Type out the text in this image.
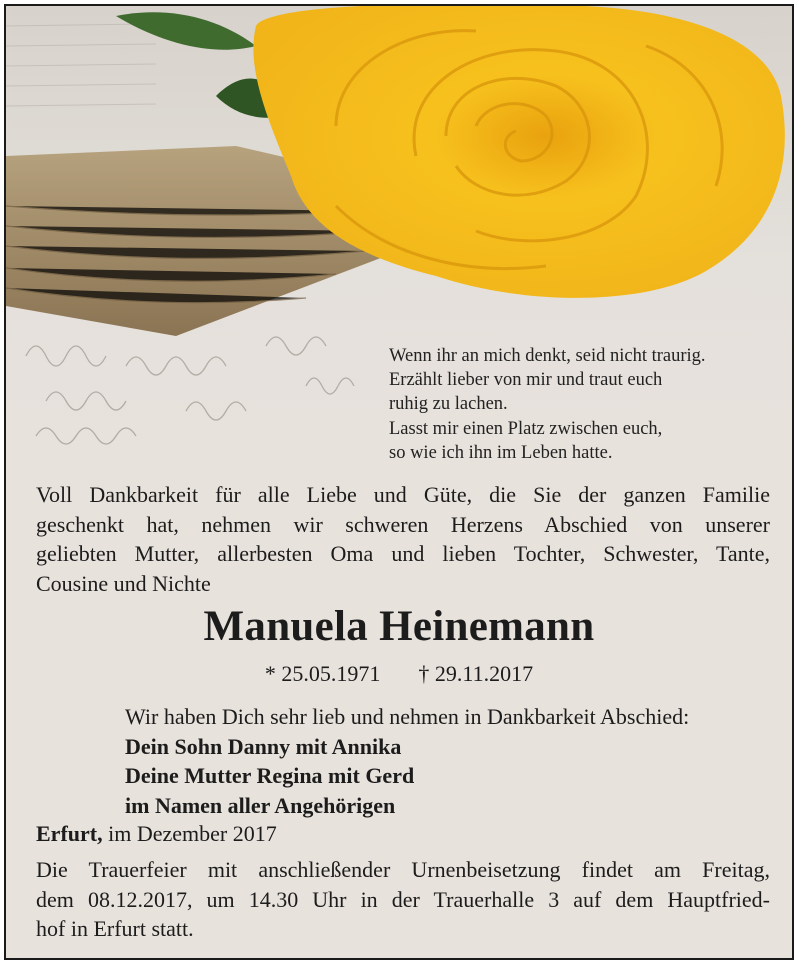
Wenn ihr an mich denkt, seid nicht traurig.
Erzählt lieber von mir und traut euch
ruhig zu lachen.
Lasst mir einen Platz zwischen euch,
so wie ich ihn im Leben hatte.
Voll Dankbarkeit für alle Liebe und Güte, die Sie der ganzen Familie
geschenkt hat, nehmen wir schweren Herzens Abschied von unserer
geliebten Mutter, allerbesten Oma und lieben Tochter, Schwester, Tante,
Cousine und Nichte
Manuela Heinemann
* 25.05.1971 † 29.11.2017
Wir haben Dich sehr lieb und nehmen in Dankbarkeit Abschied:
Dein Sohn Danny mit Annika
Deine Mutter Regina mit Gerd
im Namen aller Angehörigen
Erfurt, im Dezember 2017
Die Trauerfeier mit anschließender Urnenbeisetzung findet am Freitag,
dem 08.12.2017, um 14.30 Uhr in der Trauerhalle 3 auf dem Hauptfried-
hof in Erfurt statt.
